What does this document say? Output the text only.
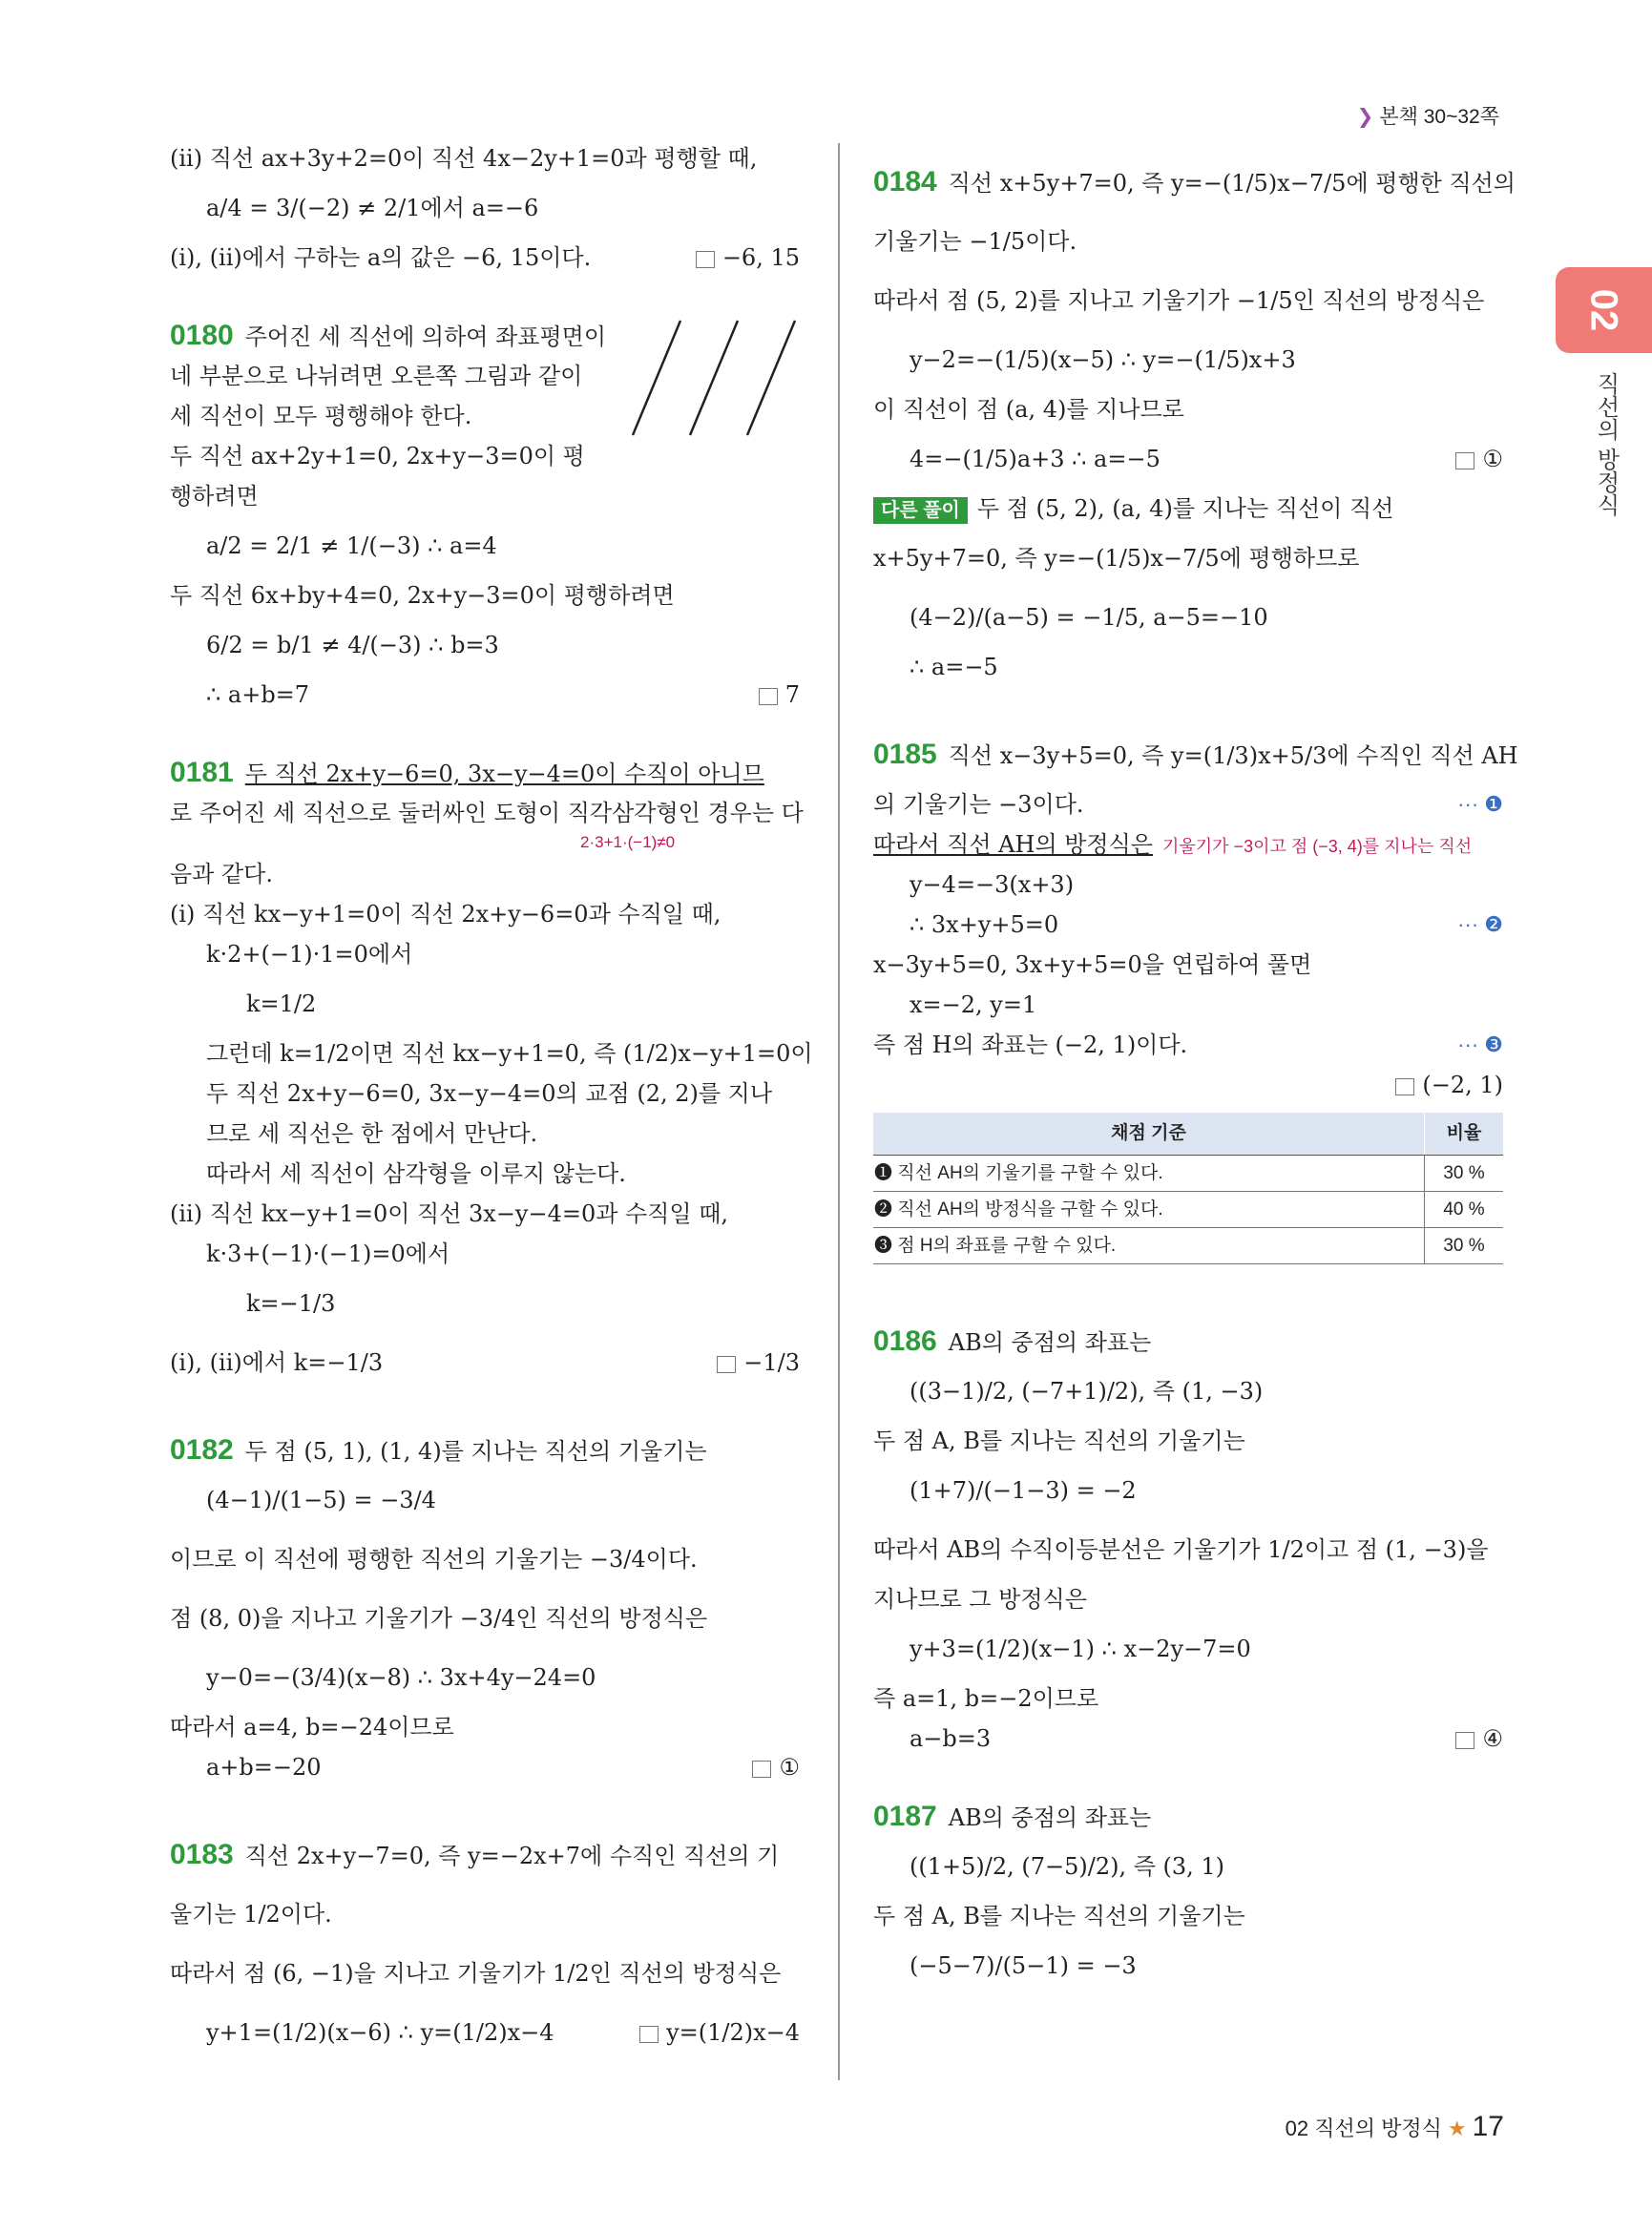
❯ 본책 30~32쪽
02
직선의 방정식
(ii) 직선 ax+3y+2=0이 직선 4x−2y+1=0과 평행할 때,
a/4 = 3/(−2) ≠ 2/1에서 a=−6
(i), (ii)에서 구하는 a의 값은 −6, 15이다.	−6, 15
0180 주어진 세 직선에 의하여 좌표평면이
네 부분으로 나뉘려면 오른쪽 그림과 같이
세 직선이 모두 평행해야 한다.
두 직선 ax+2y+1=0, 2x+y−3=0이 평
행하려면
a/2 = 2/1 ≠ 1/(−3) ∴ a=4
두 직선 6x+by+4=0, 2x+y−3=0이 평행하려면
6/2 = b/1 ≠ 4/(−3) ∴ b=3
∴ a+b=7	7
0181 두 직선 2x+y−6=0, 3x−y−4=0이 수직이 아니므
로 주어진 세 직선으로 둘러싸인 도형이 직각삼각형인 경우는 다
2·3+1·(−1)≠0
음과 같다.
(i) 직선 kx−y+1=0이 직선 2x+y−6=0과 수직일 때,
k·2+(−1)·1=0에서
k=1/2
그런데 k=1/2이면 직선 kx−y+1=0, 즉 (1/2)x−y+1=0이
두 직선 2x+y−6=0, 3x−y−4=0의 교점 (2, 2)를 지나
므로 세 직선은 한 점에서 만난다.
따라서 세 직선이 삼각형을 이루지 않는다.
(ii) 직선 kx−y+1=0이 직선 3x−y−4=0과 수직일 때,
k·3+(−1)·(−1)=0에서
k=−1/3
(i), (ii)에서 k=−1/3	−1/3
0182 두 점 (5, 1), (1, 4)를 지나는 직선의 기울기는
(4−1)/(1−5) = −3/4
이므로 이 직선에 평행한 직선의 기울기는 −3/4이다.
점 (8, 0)을 지나고 기울기가 −3/4인 직선의 방정식은
y−0=−(3/4)(x−8) ∴ 3x+4y−24=0
따라서 a=4, b=−24이므로
a+b=−20	①
0183 직선 2x+y−7=0, 즉 y=−2x+7에 수직인 직선의 기
울기는 1/2이다.
따라서 점 (6, −1)을 지나고 기울기가 1/2인 직선의 방정식은
y+1=(1/2)(x−6) ∴ y=(1/2)x−4	y=(1/2)x−4
0184 직선 x+5y+7=0, 즉 y=−(1/5)x−7/5에 평행한 직선의
기울기는 −1/5이다.
따라서 점 (5, 2)를 지나고 기울기가 −1/5인 직선의 방정식은
y−2=−(1/5)(x−5) ∴ y=−(1/5)x+3
이 직선이 점 (a, 4)를 지나므로
4=−(1/5)a+3 ∴ a=−5	①
다른 풀이 두 점 (5, 2), (a, 4)를 지나는 직선이 직선
x+5y+7=0, 즉 y=−(1/5)x−7/5에 평행하므로
(4−2)/(a−5) = −1/5, a−5=−10
∴ a=−5
0185 직선 x−3y+5=0, 즉 y=(1/3)x+5/3에 수직인 직선 AH
의 기울기는 −3이다.	··· ❶
따라서 직선 AH의 방정식은 기울기가 −3이고 점 (−3, 4)를 지나는 직선
y−4=−3(x+3)
∴ 3x+y+5=0	··· ❷
x−3y+5=0, 3x+y+5=0을 연립하여 풀면
x=−2, y=1
즉 점 H의 좌표는 (−2, 1)이다.	··· ❸
(−2, 1)
채점 기준	비율
❶ 직선 AH의 기울기를 구할 수 있다.	30 %
❷ 직선 AH의 방정식을 구할 수 있다.	40 %
❸ 점 H의 좌표를 구할 수 있다.	30 %
0186 AB의 중점의 좌표는
((3−1)/2, (−7+1)/2), 즉 (1, −3)
두 점 A, B를 지나는 직선의 기울기는
(1+7)/(−1−3) = −2
따라서 AB의 수직이등분선은 기울기가 1/2이고 점 (1, −3)을
지나므로 그 방정식은
y+3=(1/2)(x−1) ∴ x−2y−7=0
즉 a=1, b=−2이므로
a−b=3	④
0187 AB의 중점의 좌표는
((1+5)/2, (7−5)/2), 즉 (3, 1)
두 점 A, B를 지나는 직선의 기울기는
(−5−7)/(5−1) = −3
02 직선의 방정식 ★ 17
